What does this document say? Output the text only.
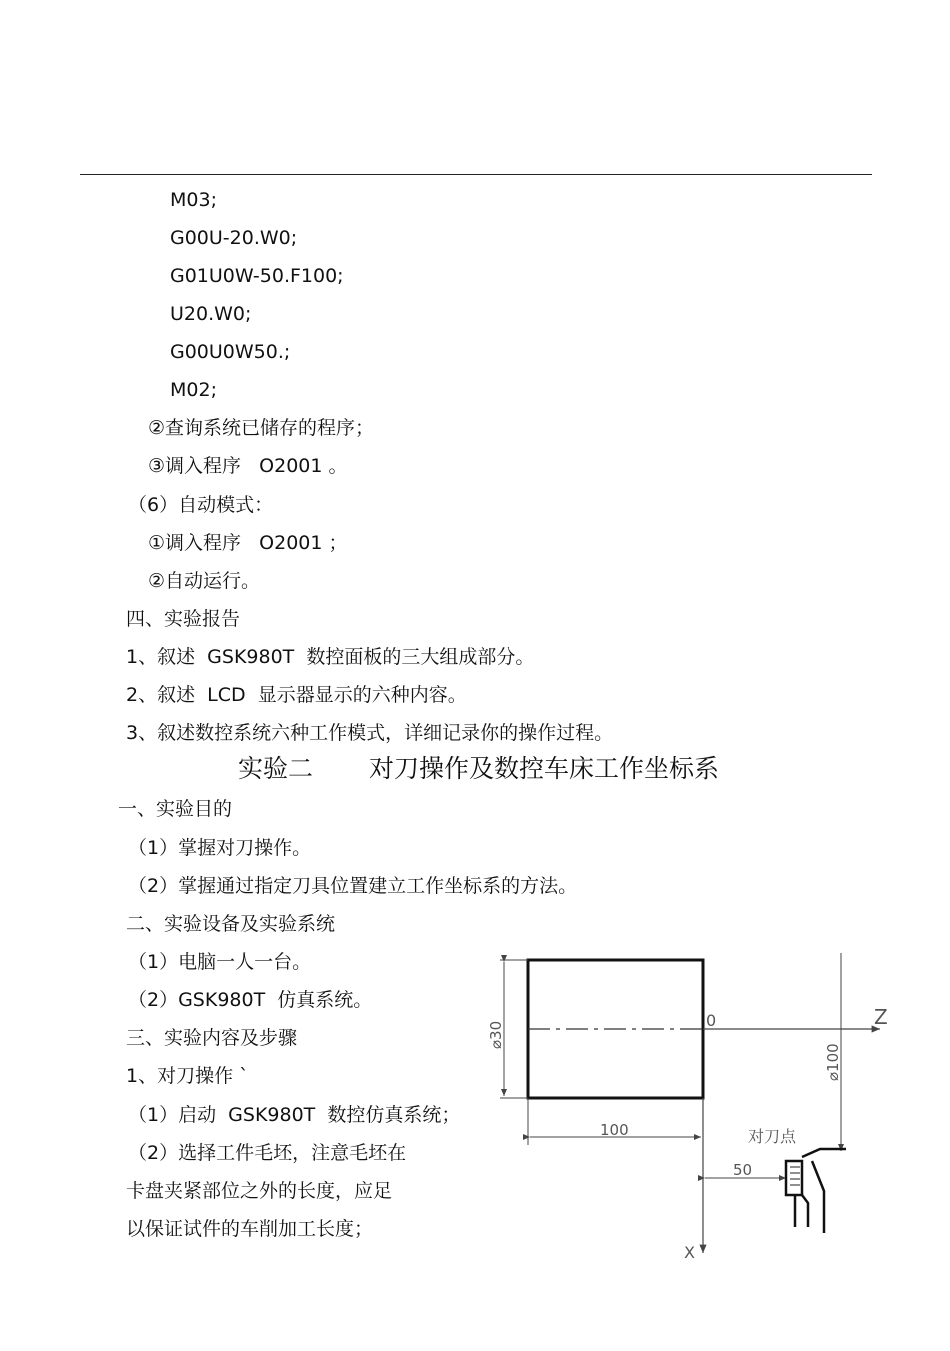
M03;
G00U-20.W0;
G01U0W-50.F100;
U20.W0;
G00U0W50.;
M02;
②查询系统已储存的程序；
③调入程序   O2001 。
（6）自动模式：
①调入程序   O2001 ；
②自动运行。
四、实验报告
1、叙述  GSK980T  数控面板的三大组成部分。
2、叙述  LCD  显示器显示的六种内容。
3、叙述数控系统六种工作模式，详细记录你的操作过程。
实验二 对刀操作及数控车床工作坐标系
一、实验目的
（1）掌握对刀操作。
（2）掌握通过指定刀具位置建立工作坐标系的方法。
二、实验设备及实验系统
（1）电脑一人一台。
（2）GSK980T  仿真系统。
三、实验内容及步骤
1、对刀操作 `
（1）启动  GSK980T  数控仿真系统；
（2）选择工件毛坯，注意毛坯在
卡盘夹紧部位之外的长度，应足
以保证试件的车削加工长度；
Z
0
X
⌀30
100
⌀100
50
对刀点
